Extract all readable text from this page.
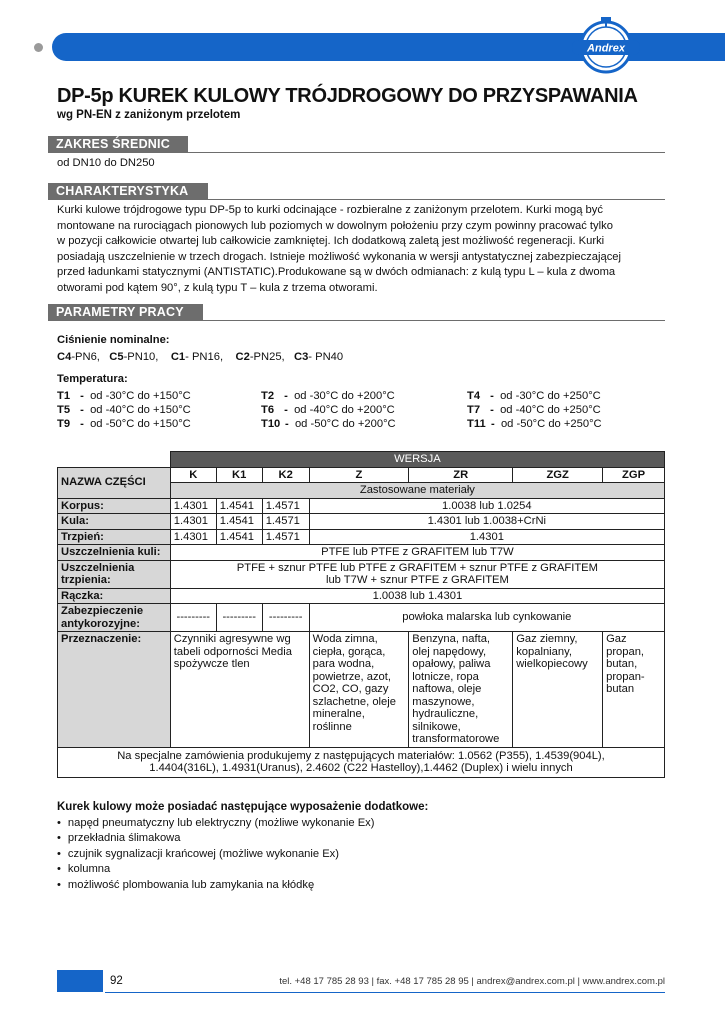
Andrex
DP-5p KUREK KULOWY TRÓJDROGOWY DO PRZYSPAWANIA
wg PN-EN z zaniżonym przelotem
ZAKRES ŚREDNIC
od DN10 do DN250
CHARAKTERYSTYKA
Kurki kulowe trójdrogowe typu DP-5p to kurki odcinające - rozbieralne z zaniżonym przelotem. Kurki mogą być
montowane na rurociągach pionowych lub poziomych w dowolnym położeniu przy czym powinny pracować tylko
w pozycji całkowicie otwartej lub całkowicie zamkniętej. Ich dodatkową zaletą jest możliwość regeneracji. Kurki
posiadają uszczelnienie w trzech drogach. Istnieje możliwość wykonania w wersji antystatycznej zabezpieczającej
przed ładunkami statycznymi (ANTISTATIC).Produkowane są w dwóch odmianach: z kulą typu L – kula z dwoma
otworami pod kątem 90°, z kulą typu T – kula z trzema otworami.
PARAMETRY PRACY
Ciśnienie nominalne:
C4-PN6, C5-PN10, C1- PN16, C2-PN25, C3- PN40
Temperatura:
T1 - od -30°C do +150°C	T2 - od -30°C do +200°C	T4 - od -30°C do +250°C
T5 - od -40°C do +150°C	T6 - od -40°C do +200°C	T7 - od -40°C do +250°C
T9 - od -50°C do +150°C	T10 - od -50°C do +200°C	T11 - od -50°C do +250°C
	WERSJA						
NAZWA CZĘŚCI	K	K1	K2	Z	ZR	ZGZ	ZGP
	Zastosowane materiały						
Korpus:	1.4301	1.4541	1.4571	1.0038 lub 1.0254			
Kula:	1.4301	1.4541	1.4571	1.4301 lub 1.0038+CrNi			
Trzpień:	1.4301	1.4541	1.4571	1.4301			
Uszczelnienia kuli:	PTFE lub PTFE z GRAFITEM lub T7W						
Uszczelnienia trzpienia:	PTFE + sznur PTFE lub PTFE z GRAFITEM + sznur PTFE z GRAFITEM lub T7W + sznur PTFE z GRAFITEM						
Rączka:	1.0038 lub 1.4301						
Zabezpieczenie antykorozyjne:	---------	---------	---------	powłoka malarska lub cynkowanie			
Przeznaczenie:	Czynniki agresywne wg tabeli odporności Media spożywcze tlen			Woda zimna, ciepła, gorąca, para wodna, powietrze, azot, CO2, CO, gazy szlachetne, oleje mineralne, roślinne	Benzyna, nafta, olej napędowy, opałowy, paliwa lotnicze, ropa naftowa, oleje maszynowe, hydrauliczne, silnikowe, transformatorowe	Gaz ziemny, kopalniany, wielkopiecowy	Gaz propan, butan, propan-butan
Na specjalne zamówienia produkujemy z następujących materiałów: 1.0562 (P355), 1.4539(904L), 1.4404(316L), 1.4931(Uranus), 2.4602 (C22 Hastelloy),1.4462 (Duplex) i wielu innych							
Kurek kulowy może posiadać następujące wyposażenie dodatkowe:
• napęd pneumatyczny lub elektryczny (możliwe wykonanie Ex)
• przekładnia ślimakowa
• czujnik sygnalizacji krańcowej (możliwe wykonanie Ex)
• kolumna
• możliwość plombowania lub zamykania na kłódkę
92	tel. +48 17 785 28 93 | fax. +48 17 785 28 95 | andrex@andrex.com.pl | www.andrex.com.pl
